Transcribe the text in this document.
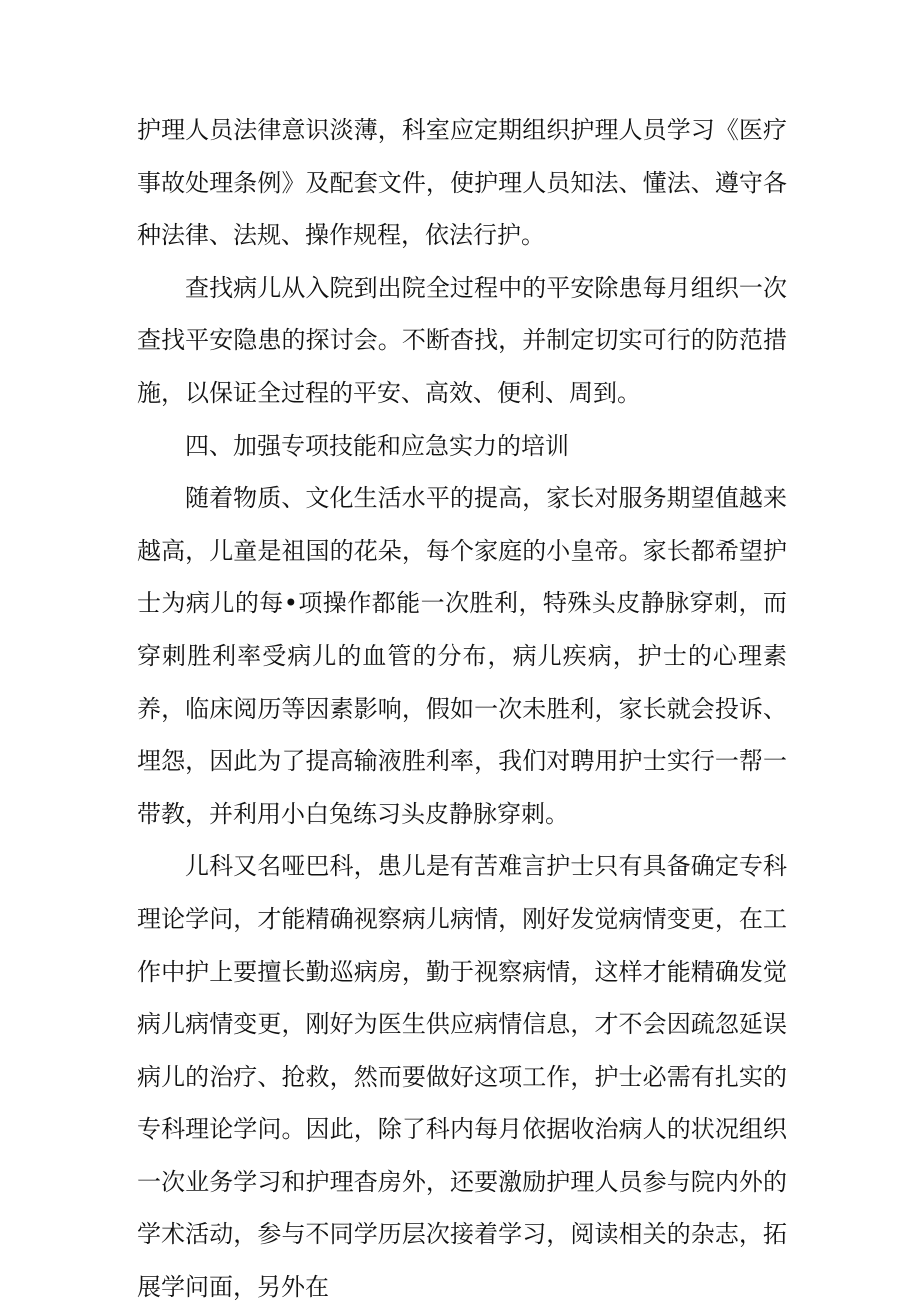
护理人员法律意识淡薄，科室应定期组织护理人员学习《医疗事故处理条例》及配套文件，使护理人员知法、懂法、遵守各种法律、法规、操作规程，依法行护。

查找病儿从入院到出院全过程中的平安除患每月组织一次查找平安隐患的探讨会。不断杳找，并制定切实可行的防范措施，以保证全过程的平安、高效、便利、周到。

四、加强专项技能和应急实力的培训

随着物质、文化生活水平的提高，家长对服务期望值越来越高，儿童是祖国的花朵，每个家庭的小皇帝。家长都希望护士为病儿的每•项操作都能一次胜利，特殊头皮静脉穿刺，而穿刺胜利率受病儿的血管的分布，病儿疾病，护士的心理素养，临床阅历等因素影响，假如一次未胜利，家长就会投诉、埋怨，因此为了提高输液胜利率，我们对聘用护士实行一帮一带教，并利用小白兔练习头皮静脉穿刺。

儿科又名哑巴科，患儿是有苦难言护士只有具备确定专科理论学问，才能精确视察病儿病情，刚好发觉病情变更，在工作中护上要擅长勤巡病房，勤于视察病情，这样才能精确发觉病儿病情变更，刚好为医生供应病情信息，才不会因疏忽延误病儿的治疗、抢救，然而要做好这项工作，护士必需有扎实的专科理论学问。因此，除了科内每月依据收治病人的状况组织一次业务学习和护理杳房外，还要激励护理人员参与院内外的学术活动，参与不同学历层次接着学习，阅读相关的杂志，拓展学问面，另外在
